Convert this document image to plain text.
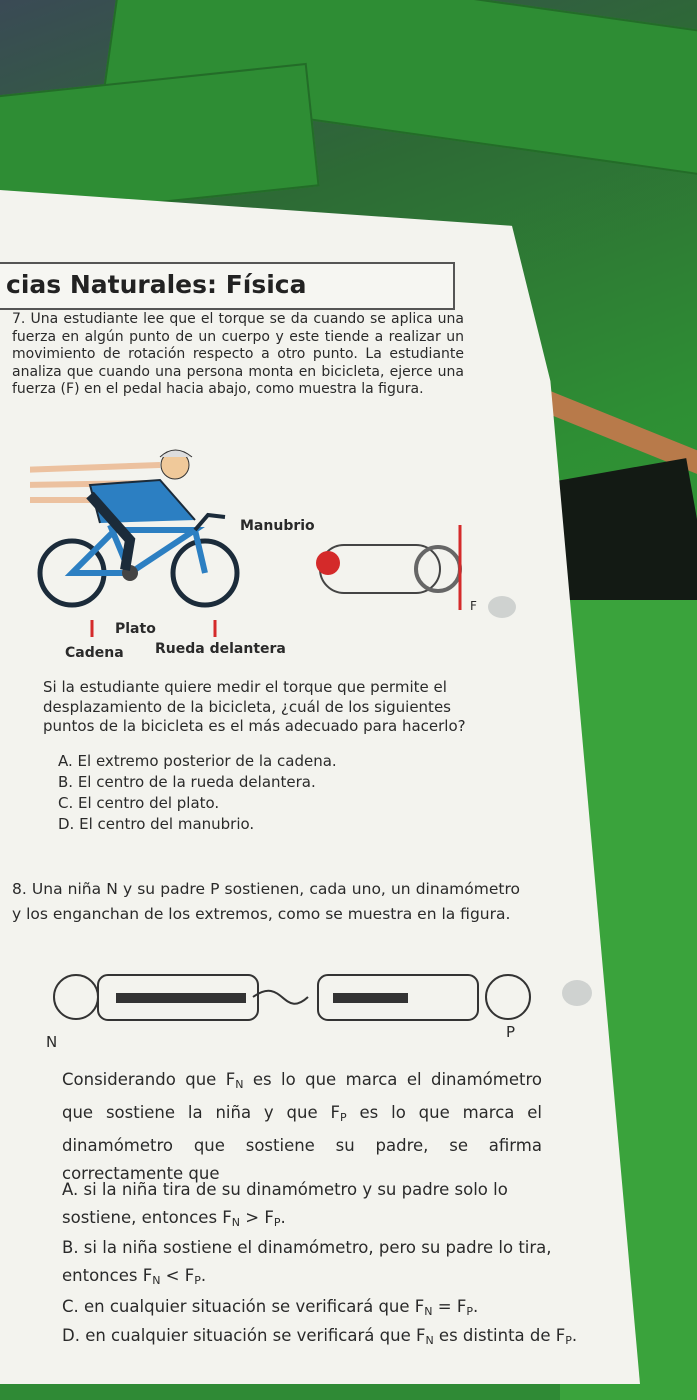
cias Naturales: Física
7. Una estudiante lee que el torque se da cuando se aplica una fuerza en algún punto de un cuerpo y este tiende a realizar un movimiento de rotación respecto a otro punto. La estudiante analiza que cuando una persona monta en bicicleta, ejerce una fuerza (F) en el pedal hacia abajo, como muestra la figura.
Manubrio
Plato
Cadena Rueda delantera
F
Si la estudiante quiere medir el torque que permite el desplazamiento de la bicicleta, ¿cuál de los siguientes puntos de la bicicleta es el más adecuado para hacerlo?
A. El extremo posterior de la cadena.
B. El centro de la rueda delantera.
C. El centro del plato.
D. El centro del manubrio.
8. Una niña N y su padre P sostienen, cada uno, un dinamómetro y los enganchan de los extremos, como se muestra en la figura.
N
P
Considerando que $F_N$ es lo que marca el dinamómetro que sostiene la niña y que $F_P$ es lo que marca el dinamómetro que sostiene su padre, se afirma correctamente que
A. si la niña tira de su dinamómetro y su padre solo lo sostiene, entonces $F_N > F_P$.
B. si la niña sostiene el dinamómetro, pero su padre lo tira, entonces $F_N < F_P$.
C. en cualquier situación se verificará que $F_N = F_P$.
D. en cualquier situación se verificará que $F_N$ es distinta de $F_P$.
